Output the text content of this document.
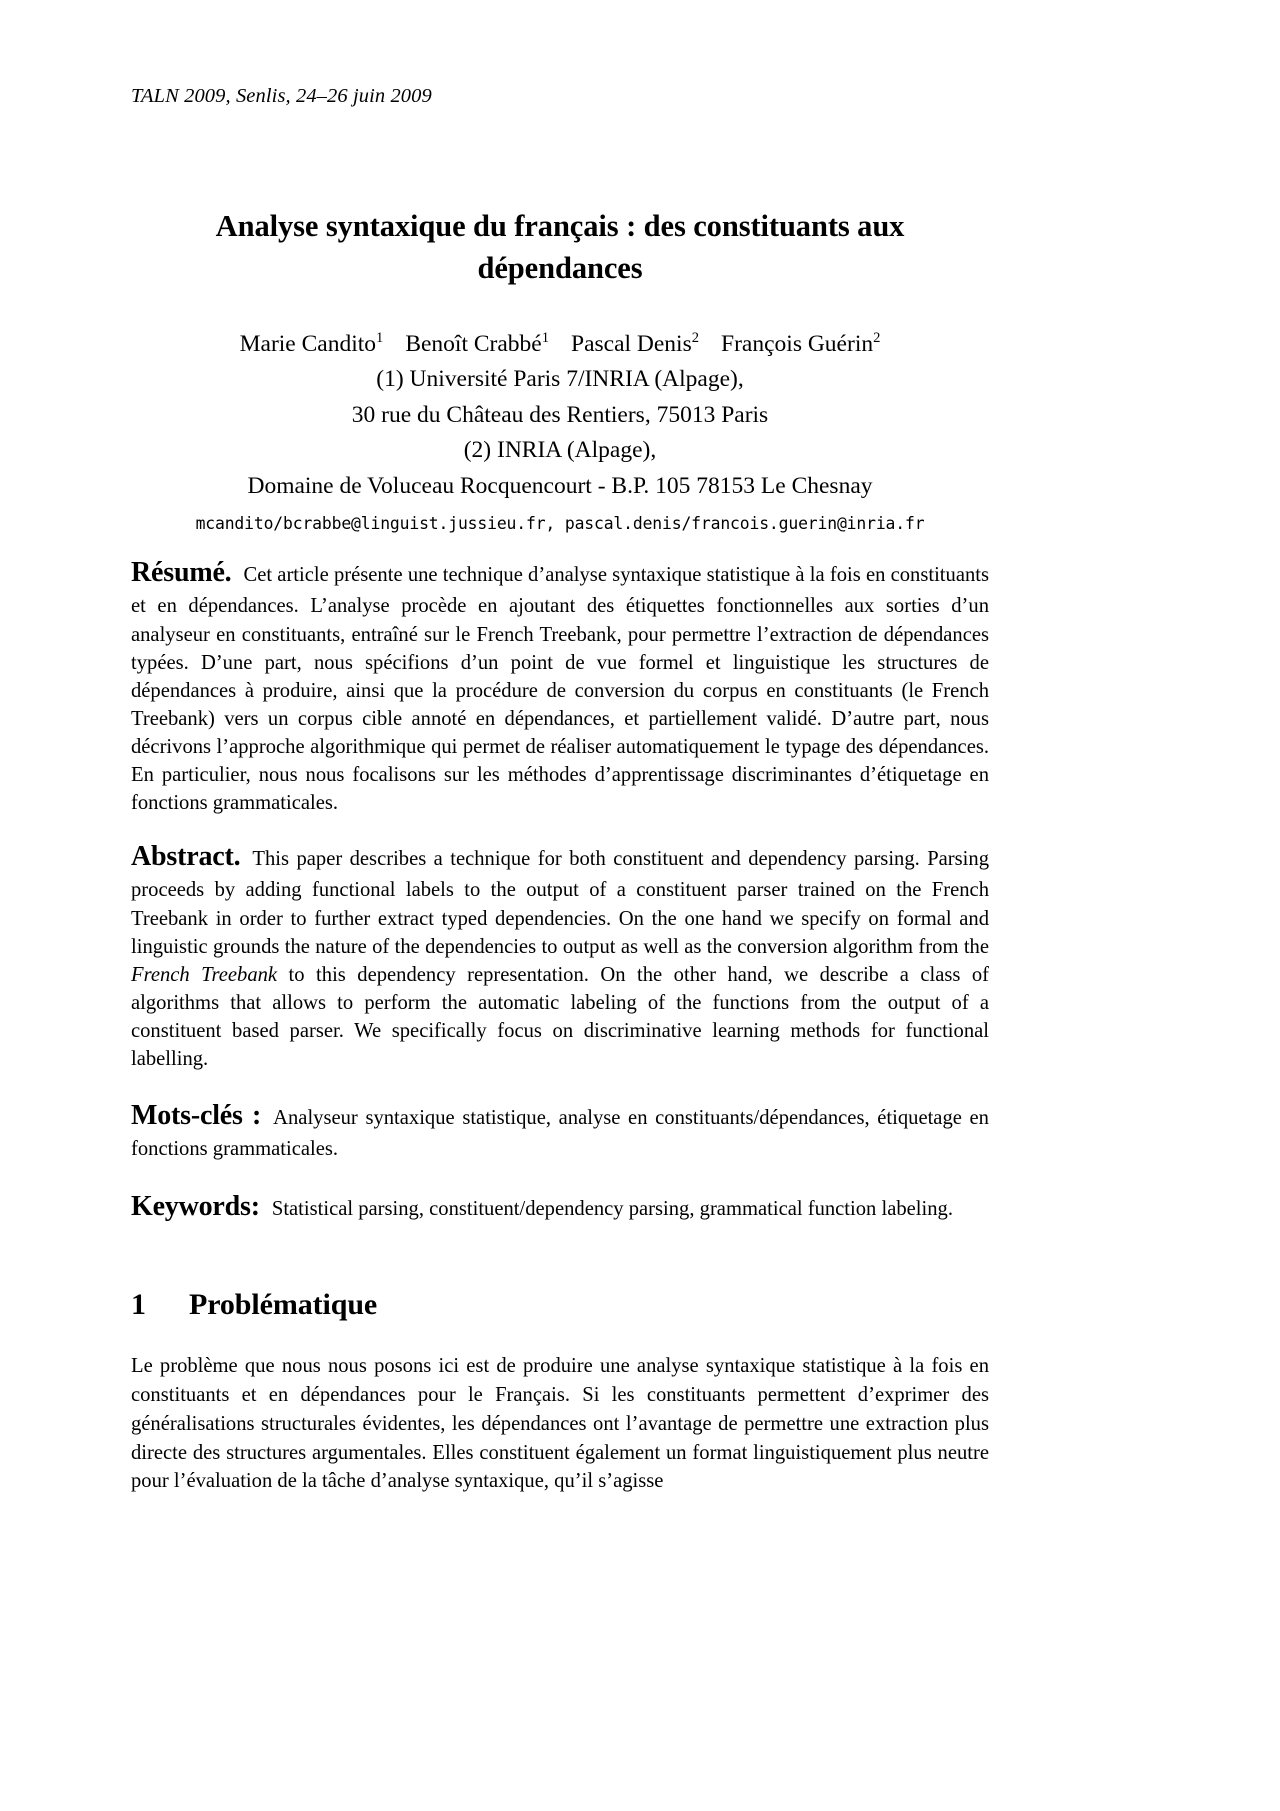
TALN 2009, Senlis, 24–26 juin 2009
Analyse syntaxique du français : des constituants aux
dépendances
Marie Candito$^1$ Benoît Crabbé$^1$ Pascal Denis$^2$ François Guérin$^2$
(1) Université Paris 7/INRIA (Alpage),
30 rue du Château des Rentiers, 75013 Paris
(2) INRIA (Alpage),
Domaine de Voluceau Rocquencourt - B.P. 105 78153 Le Chesnay
mcandito/bcrabbe@linguist.jussieu.fr, pascal.denis/francois.guerin@inria.fr
Résumé. Cet article présente une technique d’analyse syntaxique statistique à la fois en constituants et en dépendances. L’analyse procède en ajoutant des étiquettes fonctionnelles aux sorties d’un analyseur en constituants, entraîné sur le French Treebank, pour permettre l’extraction de dépendances typées. D’une part, nous spécifions d’un point de vue formel et linguistique les structures de dépendances à produire, ainsi que la procédure de conversion du corpus en constituants (le French Treebank) vers un corpus cible annoté en dépendances, et partiellement validé. D’autre part, nous décrivons l’approche algorithmique qui permet de réaliser automatiquement le typage des dépendances. En particulier, nous nous focalisons sur les méthodes d’apprentissage discriminantes d’étiquetage en fonctions grammaticales.
Abstract. This paper describes a technique for both constituent and dependency parsing. Parsing proceeds by adding functional labels to the output of a constituent parser trained on the French Treebank in order to further extract typed dependencies. On the one hand we specify on formal and linguistic grounds the nature of the dependencies to output as well as the conversion algorithm from the French Treebank to this dependency representation. On the other hand, we describe a class of algorithms that allows to perform the automatic labeling of the functions from the output of a constituent based parser. We specifically focus on discriminative learning methods for functional labelling.
Mots-clés : Analyseur syntaxique statistique, analyse en constituants/dépendances, étiquetage en fonctions grammaticales.
Keywords: Statistical parsing, constituent/dependency parsing, grammatical function labeling.
1 Problématique

Le problème que nous nous posons ici est de produire une analyse syntaxique statistique à la fois en constituants et en dépendances pour le Français. Si les constituants permettent d’exprimer des généralisations structurales évidentes, les dépendances ont l’avantage de permettre une extraction plus directe des structures argumentales. Elles constituent également un format linguistiquement plus neutre pour l’évaluation de la tâche d’analyse syntaxique, qu’il s’agisse
